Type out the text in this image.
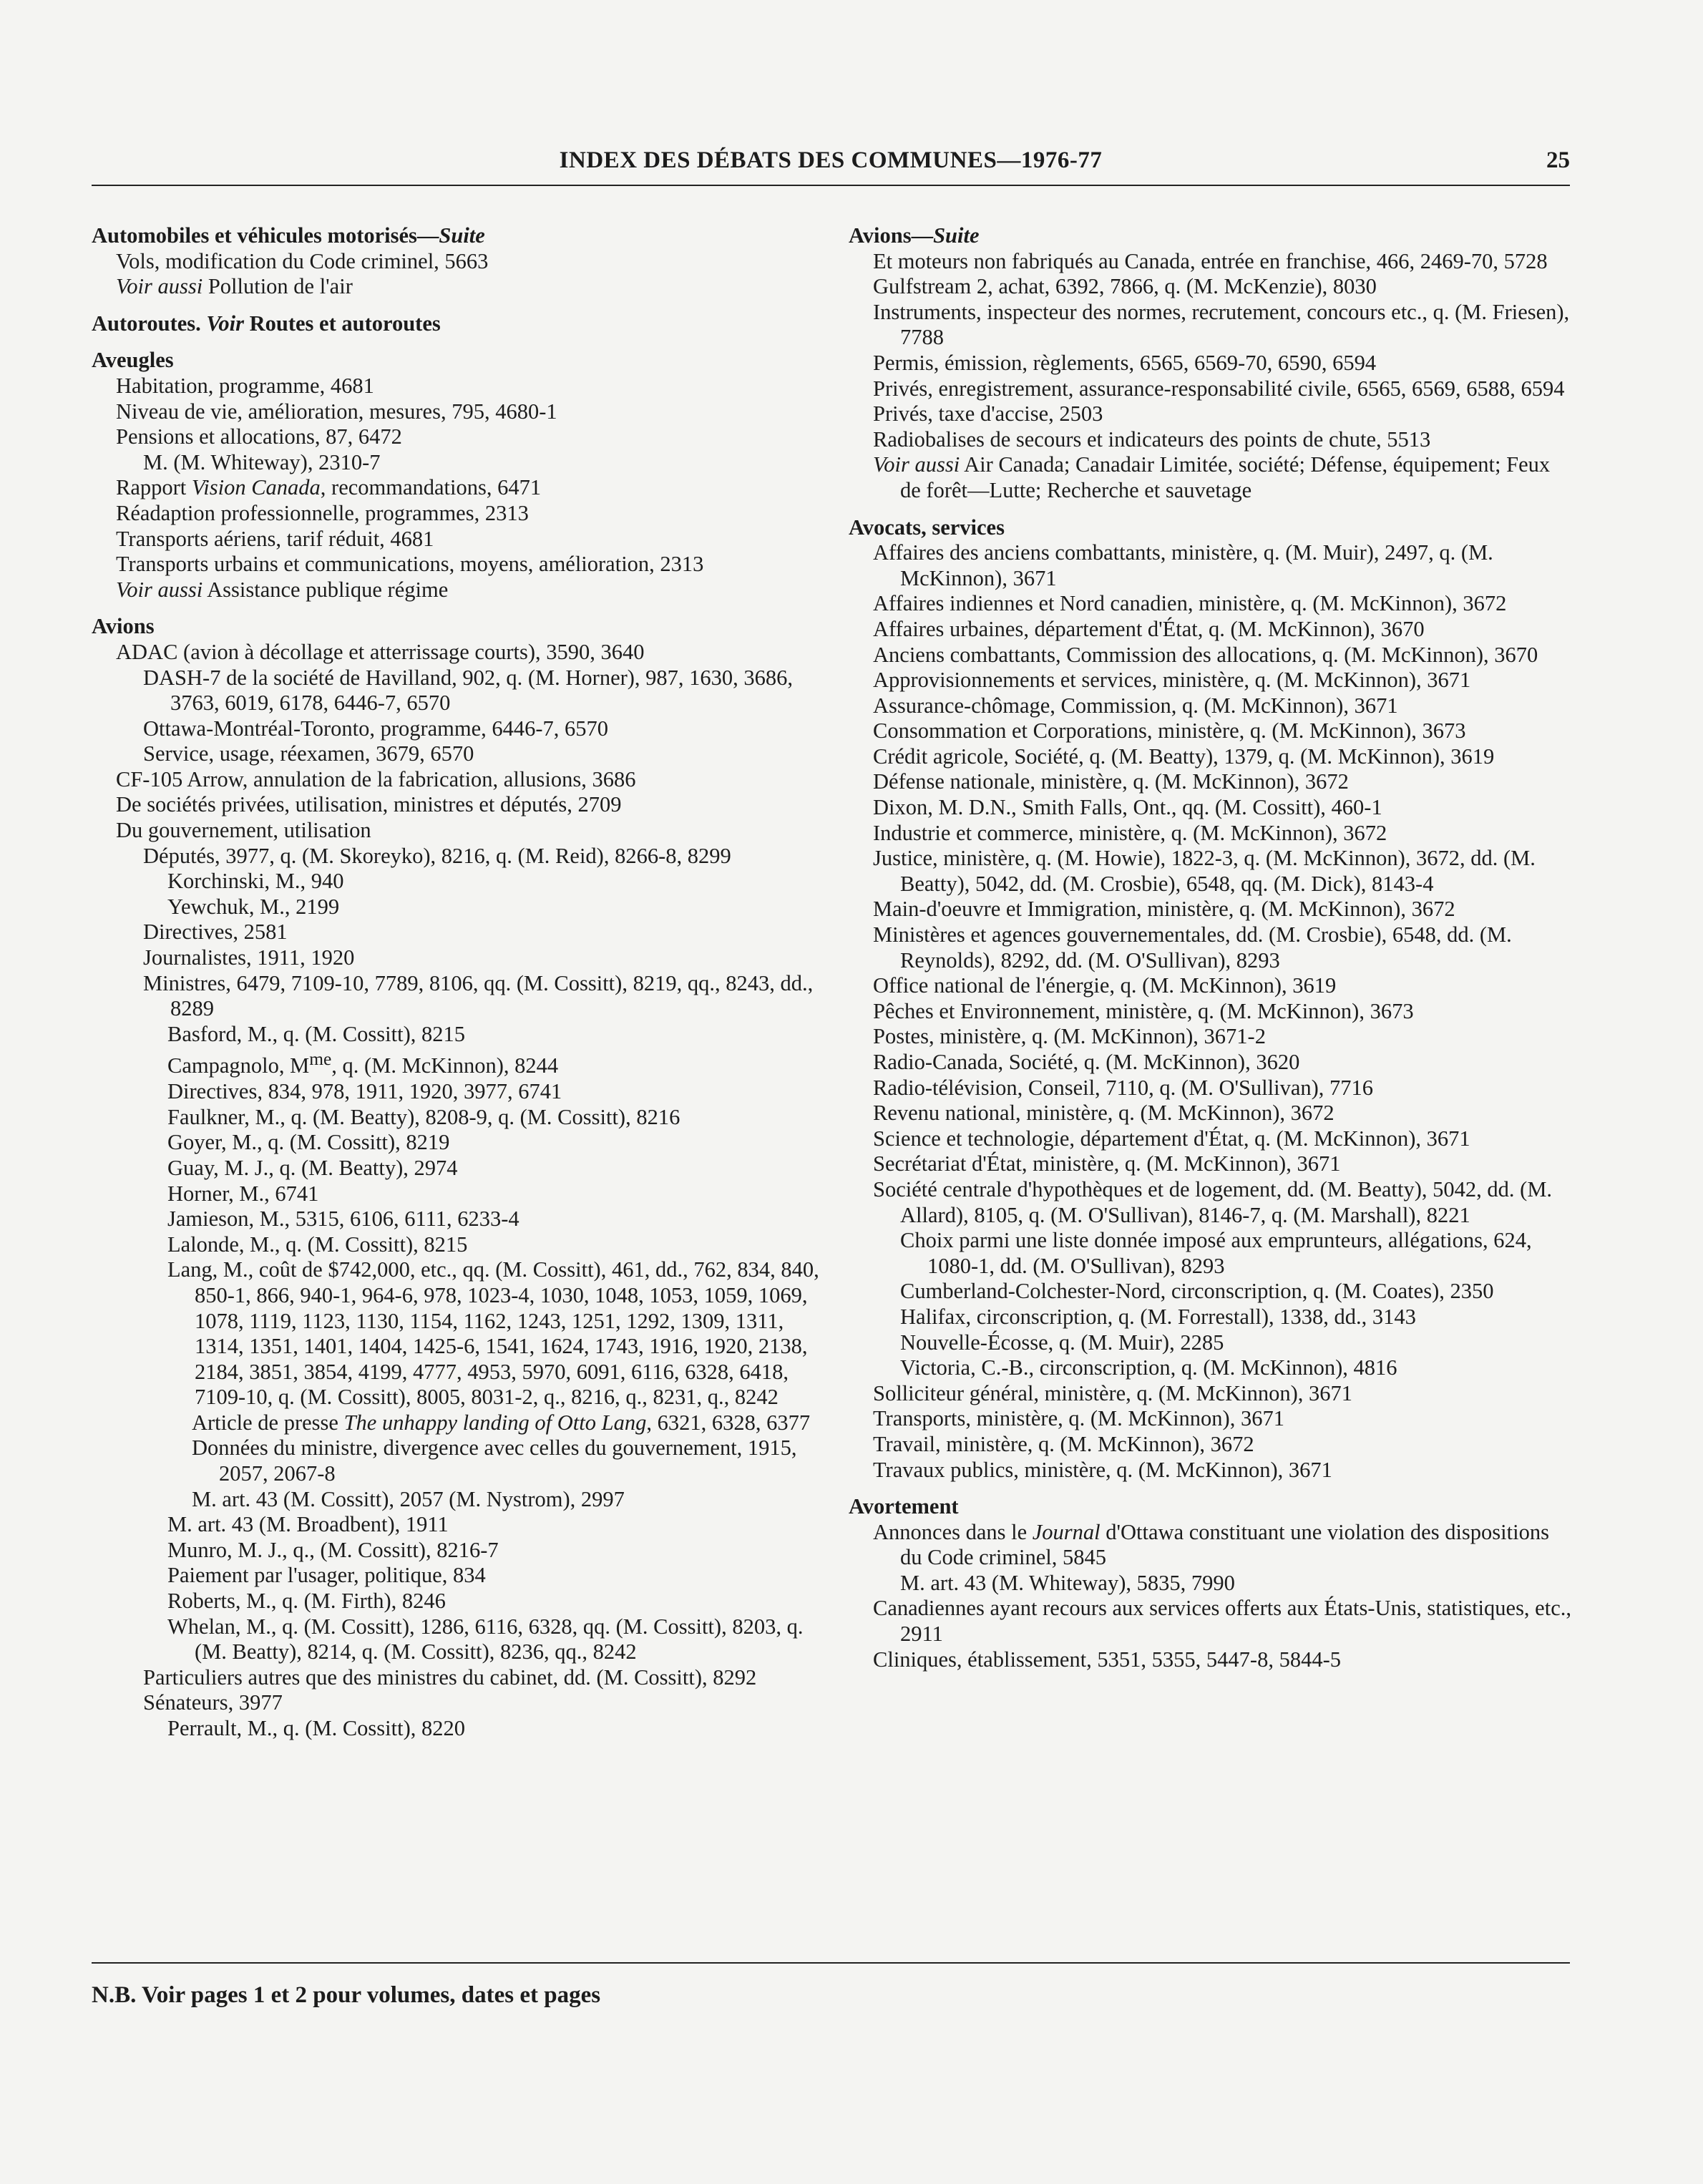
INDEX DES DÉBATS DES COMMUNES—1976-77	25
Automobiles et véhicules motorisés—Suite
Vols, modification du Code criminel, 5663
Voir aussi Pollution de l'air
Autoroutes. Voir Routes et autoroutes
Aveugles
Habitation, programme, 4681
Niveau de vie, amélioration, mesures, 795, 4680-1
Pensions et allocations, 87, 6472
M. (M. Whiteway), 2310-7
Rapport Vision Canada, recommandations, 6471
Réadaption professionnelle, programmes, 2313
Transports aériens, tarif réduit, 4681
Transports urbains et communications, moyens, amélioration, 2313
Voir aussi Assistance publique régime
Avions
ADAC (avion à décollage et atterrissage courts), 3590, 3640
DASH-7 de la société de Havilland, 902, q. (M. Horner), 987, 1630, 3686, 3763, 6019, 6178, 6446-7, 6570
Ottawa-Montréal-Toronto, programme, 6446-7, 6570
Service, usage, réexamen, 3679, 6570
CF-105 Arrow, annulation de la fabrication, allusions, 3686
De sociétés privées, utilisation, ministres et députés, 2709
Du gouvernement, utilisation
Députés, 3977, q. (M. Skoreyko), 8216, q. (M. Reid), 8266-8, 8299
Korchinski, M., 940
Yewchuk, M., 2199
Directives, 2581
Journalistes, 1911, 1920
Ministres, 6479, 7109-10, 7789, 8106, qq. (M. Cossitt), 8219, qq., 8243, dd., 8289
Basford, M., q. (M. Cossitt), 8215
Campagnolo, $M^{me}$, q. (M. McKinnon), 8244
Directives, 834, 978, 1911, 1920, 3977, 6741
Faulkner, M., q. (M. Beatty), 8208-9, q. (M. Cossitt), 8216
Goyer, M., q. (M. Cossitt), 8219
Guay, M. J., q. (M. Beatty), 2974
Horner, M., 6741
Jamieson, M., 5315, 6106, 6111, 6233-4
Lalonde, M., q. (M. Cossitt), 8215
Lang, M., coût de $742,000, etc., qq. (M. Cossitt), 461, dd., 762, 834, 840, 850-1, 866, 940-1, 964-6, 978, 1023-4, 1030, 1048, 1053, 1059, 1069, 1078, 1119, 1123, 1130, 1154, 1162, 1243, 1251, 1292, 1309, 1311, 1314, 1351, 1401, 1404, 1425-6, 1541, 1624, 1743, 1916, 1920, 2138, 2184, 3851, 3854, 4199, 4777, 4953, 5970, 6091, 6116, 6328, 6418, 7109-10, q. (M. Cossitt), 8005, 8031-2, q., 8216, q., 8231, q., 8242
Article de presse The unhappy landing of Otto Lang, 6321, 6328, 6377
Données du ministre, divergence avec celles du gouvernement, 1915, 2057, 2067-8
M. art. 43 (M. Cossitt), 2057 (M. Nystrom), 2997
M. art. 43 (M. Broadbent), 1911
Munro, M. J., q., (M. Cossitt), 8216-7
Paiement par l'usager, politique, 834
Roberts, M., q. (M. Firth), 8246
Whelan, M., q. (M. Cossitt), 1286, 6116, 6328, qq. (M. Cossitt), 8203, q. (M. Beatty), 8214, q. (M. Cossitt), 8236, qq., 8242
Particuliers autres que des ministres du cabinet, dd. (M. Cossitt), 8292
Sénateurs, 3977
Perrault, M., q. (M. Cossitt), 8220
Avions—Suite
Et moteurs non fabriqués au Canada, entrée en franchise, 466, 2469-70, 5728
Gulfstream 2, achat, 6392, 7866, q. (M. McKenzie), 8030
Instruments, inspecteur des normes, recrutement, concours etc., q. (M. Friesen), 7788
Permis, émission, règlements, 6565, 6569-70, 6590, 6594
Privés, enregistrement, assurance-responsabilité civile, 6565, 6569, 6588, 6594
Privés, taxe d'accise, 2503
Radiobalises de secours et indicateurs des points de chute, 5513
Voir aussi Air Canada; Canadair Limitée, société; Défense, équipement; Feux de forêt—Lutte; Recherche et sauvetage
Avocats, services
Affaires des anciens combattants, ministère, q. (M. Muir), 2497, q. (M. McKinnon), 3671
Affaires indiennes et Nord canadien, ministère, q. (M. McKinnon), 3672
Affaires urbaines, département d'État, q. (M. McKinnon), 3670
Anciens combattants, Commission des allocations, q. (M. McKinnon), 3670
Approvisionnements et services, ministère, q. (M. McKinnon), 3671
Assurance-chômage, Commission, q. (M. McKinnon), 3671
Consommation et Corporations, ministère, q. (M. McKinnon), 3673
Crédit agricole, Société, q. (M. Beatty), 1379, q. (M. McKinnon), 3619
Défense nationale, ministère, q. (M. McKinnon), 3672
Dixon, M. D.N., Smith Falls, Ont., qq. (M. Cossitt), 460-1
Industrie et commerce, ministère, q. (M. McKinnon), 3672
Justice, ministère, q. (M. Howie), 1822-3, q. (M. McKinnon), 3672, dd. (M. Beatty), 5042, dd. (M. Crosbie), 6548, qq. (M. Dick), 8143-4
Main-d'oeuvre et Immigration, ministère, q. (M. McKinnon), 3672
Ministères et agences gouvernementales, dd. (M. Crosbie), 6548, dd. (M. Reynolds), 8292, dd. (M. O'Sullivan), 8293
Office national de l'énergie, q. (M. McKinnon), 3619
Pêches et Environnement, ministère, q. (M. McKinnon), 3673
Postes, ministère, q. (M. McKinnon), 3671-2
Radio-Canada, Société, q. (M. McKinnon), 3620
Radio-télévision, Conseil, 7110, q. (M. O'Sullivan), 7716
Revenu national, ministère, q. (M. McKinnon), 3672
Science et technologie, département d'État, q. (M. McKinnon), 3671
Secrétariat d'État, ministère, q. (M. McKinnon), 3671
Société centrale d'hypothèques et de logement, dd. (M. Beatty), 5042, dd. (M. Allard), 8105, q. (M. O'Sullivan), 8146-7, q. (M. Marshall), 8221
Choix parmi une liste donnée imposé aux emprunteurs, allégations, 624, 1080-1, dd. (M. O'Sullivan), 8293
Cumberland-Colchester-Nord, circonscription, q. (M. Coates), 2350
Halifax, circonscription, q. (M. Forrestall), 1338, dd., 3143
Nouvelle-Écosse, q. (M. Muir), 2285
Victoria, C.-B., circonscription, q. (M. McKinnon), 4816
Solliciteur général, ministère, q. (M. McKinnon), 3671
Transports, ministère, q. (M. McKinnon), 3671
Travail, ministère, q. (M. McKinnon), 3672
Travaux publics, ministère, q. (M. McKinnon), 3671
Avortement
Annonces dans le Journal d'Ottawa constituant une violation des dispositions du Code criminel, 5845
M. art. 43 (M. Whiteway), 5835, 7990
Canadiennes ayant recours aux services offerts aux États-Unis, statistiques, etc., 2911
Cliniques, établissement, 5351, 5355, 5447-8, 5844-5
N.B. Voir pages 1 et 2 pour volumes, dates et pages
